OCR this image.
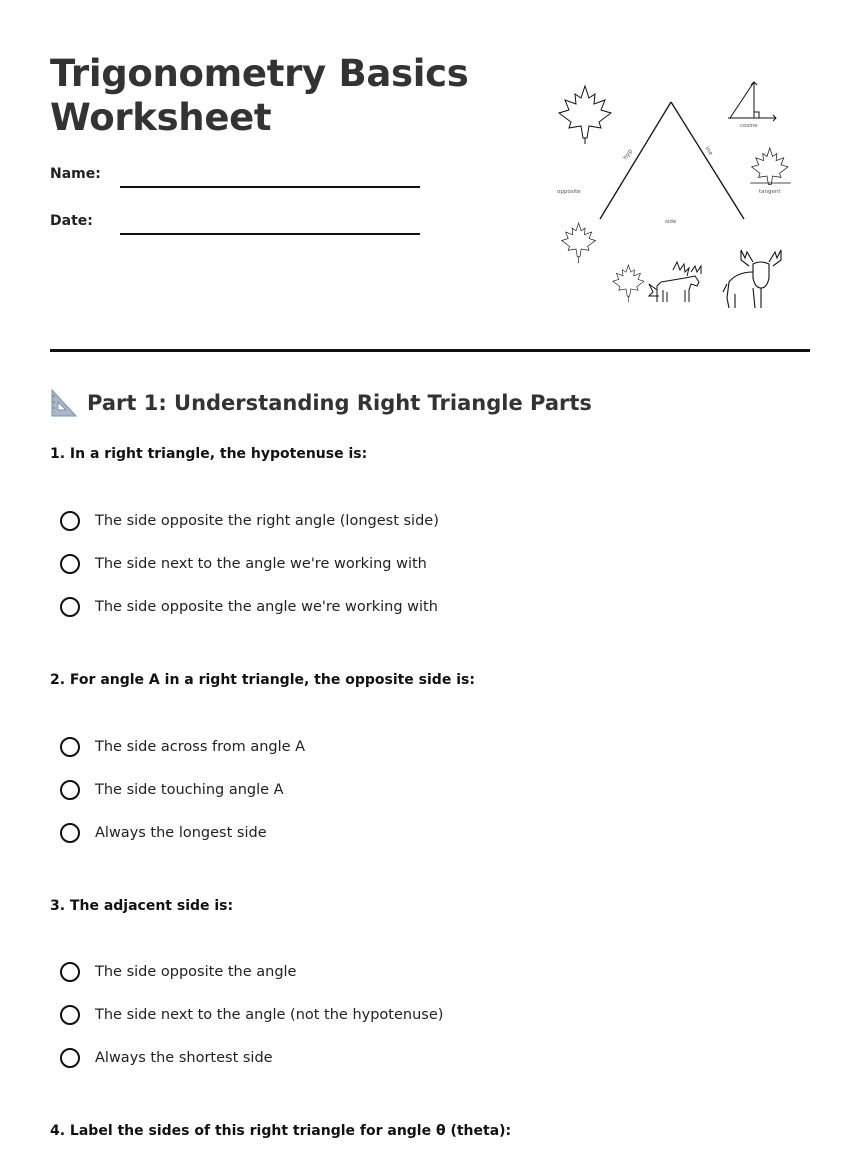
Trigonometry Basics
Worksheet
Name:
Date:
hyp	ine
opposite
side
cosine
tangent
Part 1: Understanding Right Triangle Parts
1. In a right triangle, the hypotenuse is:
The side opposite the right angle (longest side)
The side next to the angle we're working with
The side opposite the angle we're working with
2. For angle A in a right triangle, the opposite side is:
The side across from angle A
The side touching angle A
Always the longest side
3. The adjacent side is:
The side opposite the angle
The side next to the angle (not the hypotenuse)
Always the shortest side
4. Label the sides of this right triangle for angle θ (theta):
